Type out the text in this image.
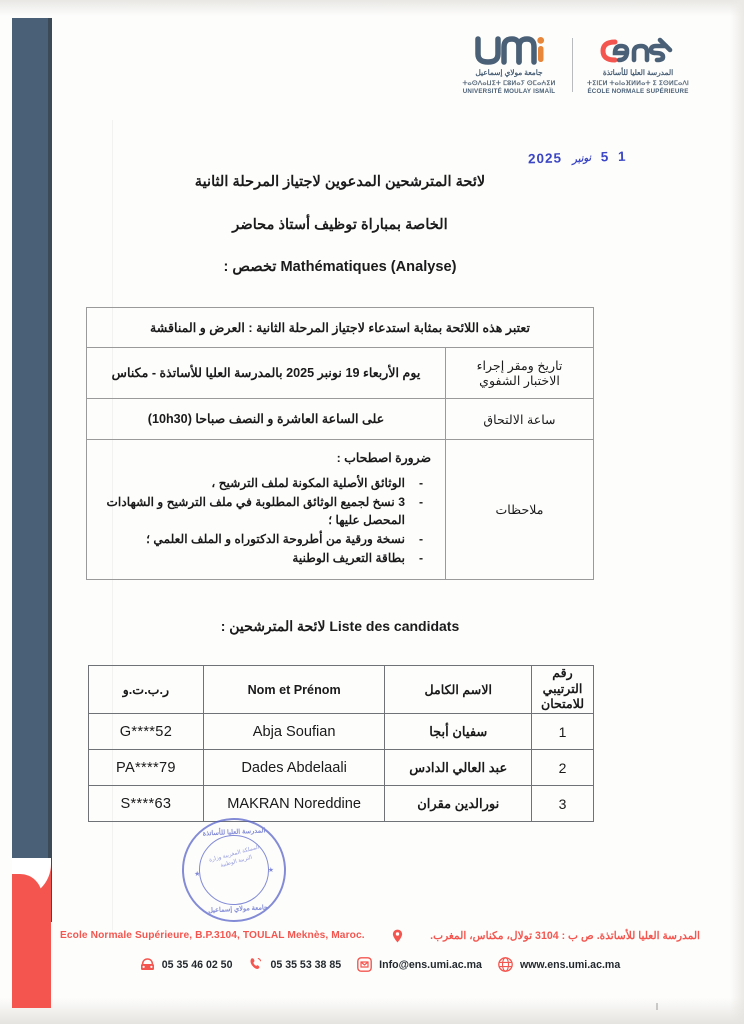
جامعة مولاي إسماعيل
ⵜⴰⵙⴷⴰⵡⵉⵜ ⵎⵓⵍⴰⵢ ⵙⵎⴰⵄⵉⵍ
UNIVERSITÉ MOULAY ISMAÏL
المدرسة العليا للأساتذة
ⵜⵉⵏⵎⵍ ⵜⴰⵏⴰⴼⵍⵍⴰⵜ ⵉ ⵉⵙⵍⵎⴰⴷⵏ
ÉCOLE NORMALE SUPÉRIEURE
1 5 نونبر 2025
لائحة المترشحين المدعوين لاجتياز المرحلة الثانية
الخاصة بمباراة توظيف أستاذ محاضر
Mathématiques (Analyse) تخصص :
تعتبر هذه اللائحة بمثابة استدعاء لاجتياز المرحلة الثانية : العرض و المناقشة	
تاريخ ومقر إجراء الاختبار الشفوي	يوم الأربعاء 19 نونبر 2025 بالمدرسة العليا للأساتذة - مكناس
ساعة الالتحاق	على الساعة العاشرة و النصف صباحا (10h30)
ملاحظات	
ضرورة اصطحاب :
- الوثائق الأصلية المكونة لملف الترشيح ،
- 3 نسخ لجميع الوثائق المطلوبة في ملف الترشيح و الشهادات المحصل عليها ؛
- نسخة ورقية من أطروحة الدكتوراه و الملف العلمي ؛
- بطاقة التعريف الوطنية
Liste des candidats لائحة المترشحين :
رقم الترتيبي
للامتحان	الاسم الكامل	Nom et Prénom	ر.ب.ت.و
1	سفيان أبجا	Abja Soufian	G****52
2	عبد العالي الدادس	Dades Abdelaali	PA****79
3	نورالدين مقران	MAKRAN Noreddine	S****63
المدرسة العليا للأساتذة
المملكة المغربية وزارة التربية الوطنية
جامعة مولاي إسماعيل
★
★
Ecole Normale Supérieure, B.P.3104, TOULAL Meknès, Maroc.	المدرسة العليا للأساتذة. ص ب : 3104 تولال، مكناس، المغرب.
05 35 46 02 50	05 35 53 38 85	Info@ens.umi.ac.ma	www.ens.umi.ac.ma
